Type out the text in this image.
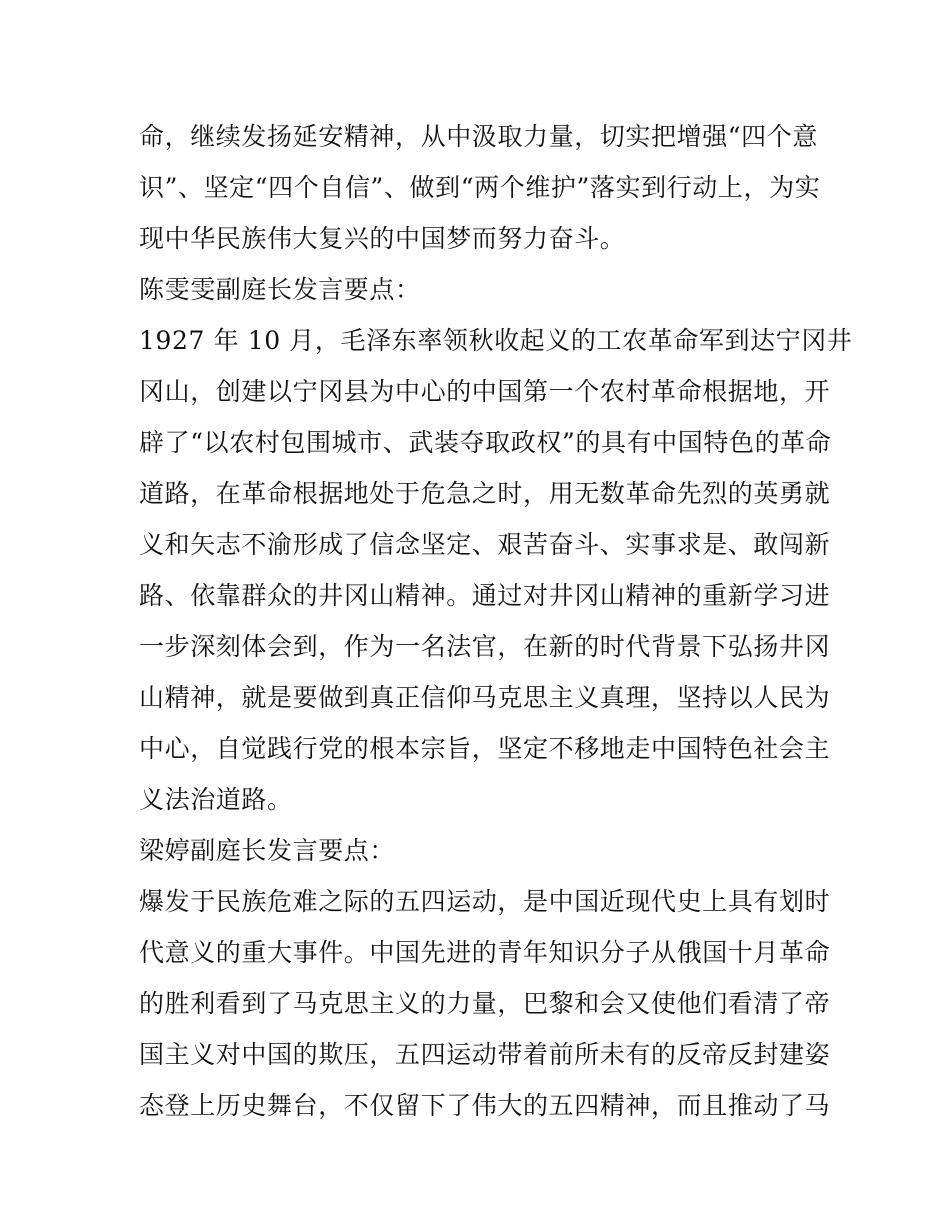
命，继续发扬延安精神，从中汲取力量，切实把增强“四个意
识”、坚定“四个自信”、做到“两个维护”落实到行动上，为实
现中华民族伟大复兴的中国梦而努力奋斗。
陈雯雯副庭长发言要点：
1927 年 10 月，毛泽东率领秋收起义的工农革命军到达宁冈井
冈山，创建以宁冈县为中心的中国第一个农村革命根据地，开
辟了“以农村包围城市、武装夺取政权”的具有中国特色的革命
道路，在革命根据地处于危急之时，用无数革命先烈的英勇就
义和矢志不渝形成了信念坚定、艰苦奋斗、实事求是、敢闯新
路、依靠群众的井冈山精神。通过对井冈山精神的重新学习进
一步深刻体会到，作为一名法官，在新的时代背景下弘扬井冈
山精神，就是要做到真正信仰马克思主义真理，坚持以人民为
中心，自觉践行党的根本宗旨，坚定不移地走中国特色社会主
义法治道路。
梁婷副庭长发言要点：
爆发于民族危难之际的五四运动，是中国近现代史上具有划时
代意义的重大事件。中国先进的青年知识分子从俄国十月革命
的胜利看到了马克思主义的力量，巴黎和会又使他们看清了帝
国主义对中国的欺压，五四运动带着前所未有的反帝反封建姿
态登上历史舞台，不仅留下了伟大的五四精神，而且推动了马
